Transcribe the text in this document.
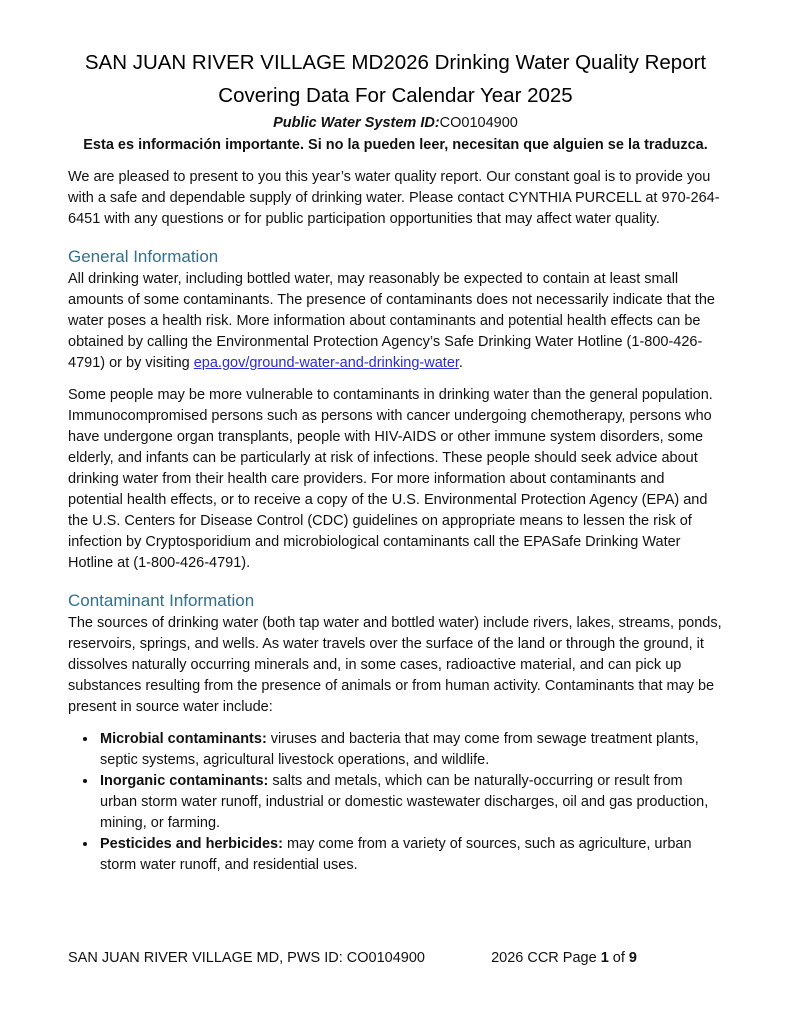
SAN JUAN RIVER VILLAGE MD2026 Drinking Water Quality Report
Covering Data For Calendar Year 2025
Public Water System ID:CO0104900
Esta es información importante. Si no la pueden leer, necesitan que alguien se la traduzca.

We are pleased to present to you this year’s water quality report. Our constant goal is to provide you with a safe and dependable supply of drinking water. Please contact CYNTHIA PURCELL at 970-264-6451 with any questions or for public participation opportunities that may affect water quality.

General Information

All drinking water, including bottled water, may reasonably be expected to contain at least small amounts of some contaminants. The presence of contaminants does not necessarily indicate that the water poses a health risk. More information about contaminants and potential health effects can be obtained by calling the Environmental Protection Agency’s Safe Drinking Water Hotline (1-800-426-4791) or by visiting epa.gov/ground-water-and-drinking-water.

Some people may be more vulnerable to contaminants in drinking water than the general population. Immunocompromised persons such as persons with cancer undergoing chemotherapy, persons who have undergone organ transplants, people with HIV-AIDS or other immune system disorders, some elderly, and infants can be particularly at risk of infections. These people should seek advice about drinking water from their health care providers. For more information about contaminants and potential health effects, or to receive a copy of the U.S. Environmental Protection Agency (EPA) and the U.S. Centers for Disease Control (CDC) guidelines on appropriate means to lessen the risk of infection by Cryptosporidium and microbiological contaminants call the EPASafe Drinking Water Hotline at (1-800-426-4791).

Contaminant Information

The sources of drinking water (both tap water and bottled water) include rivers, lakes, streams, ponds, reservoirs, springs, and wells. As water travels over the surface of the land or through the ground, it dissolves naturally occurring minerals and, in some cases, radioactive material, and can pick up substances resulting from the presence of animals or from human activity. Contaminants that may be present in source water include:

• Microbial contaminants: viruses and bacteria that may come from sewage treatment plants, septic systems, agricultural livestock operations, and wildlife.
• Inorganic contaminants: salts and metals, which can be naturally-occurring or result from urban storm water runoff, industrial or domestic wastewater discharges, oil and gas production, mining, or farming.
• Pesticides and herbicides: may come from a variety of sources, such as agriculture, urban storm water runoff, and residential uses.
SAN JUAN RIVER VILLAGE MD, PWS ID: CO0104900	2026 CCR Page 1 of 9
